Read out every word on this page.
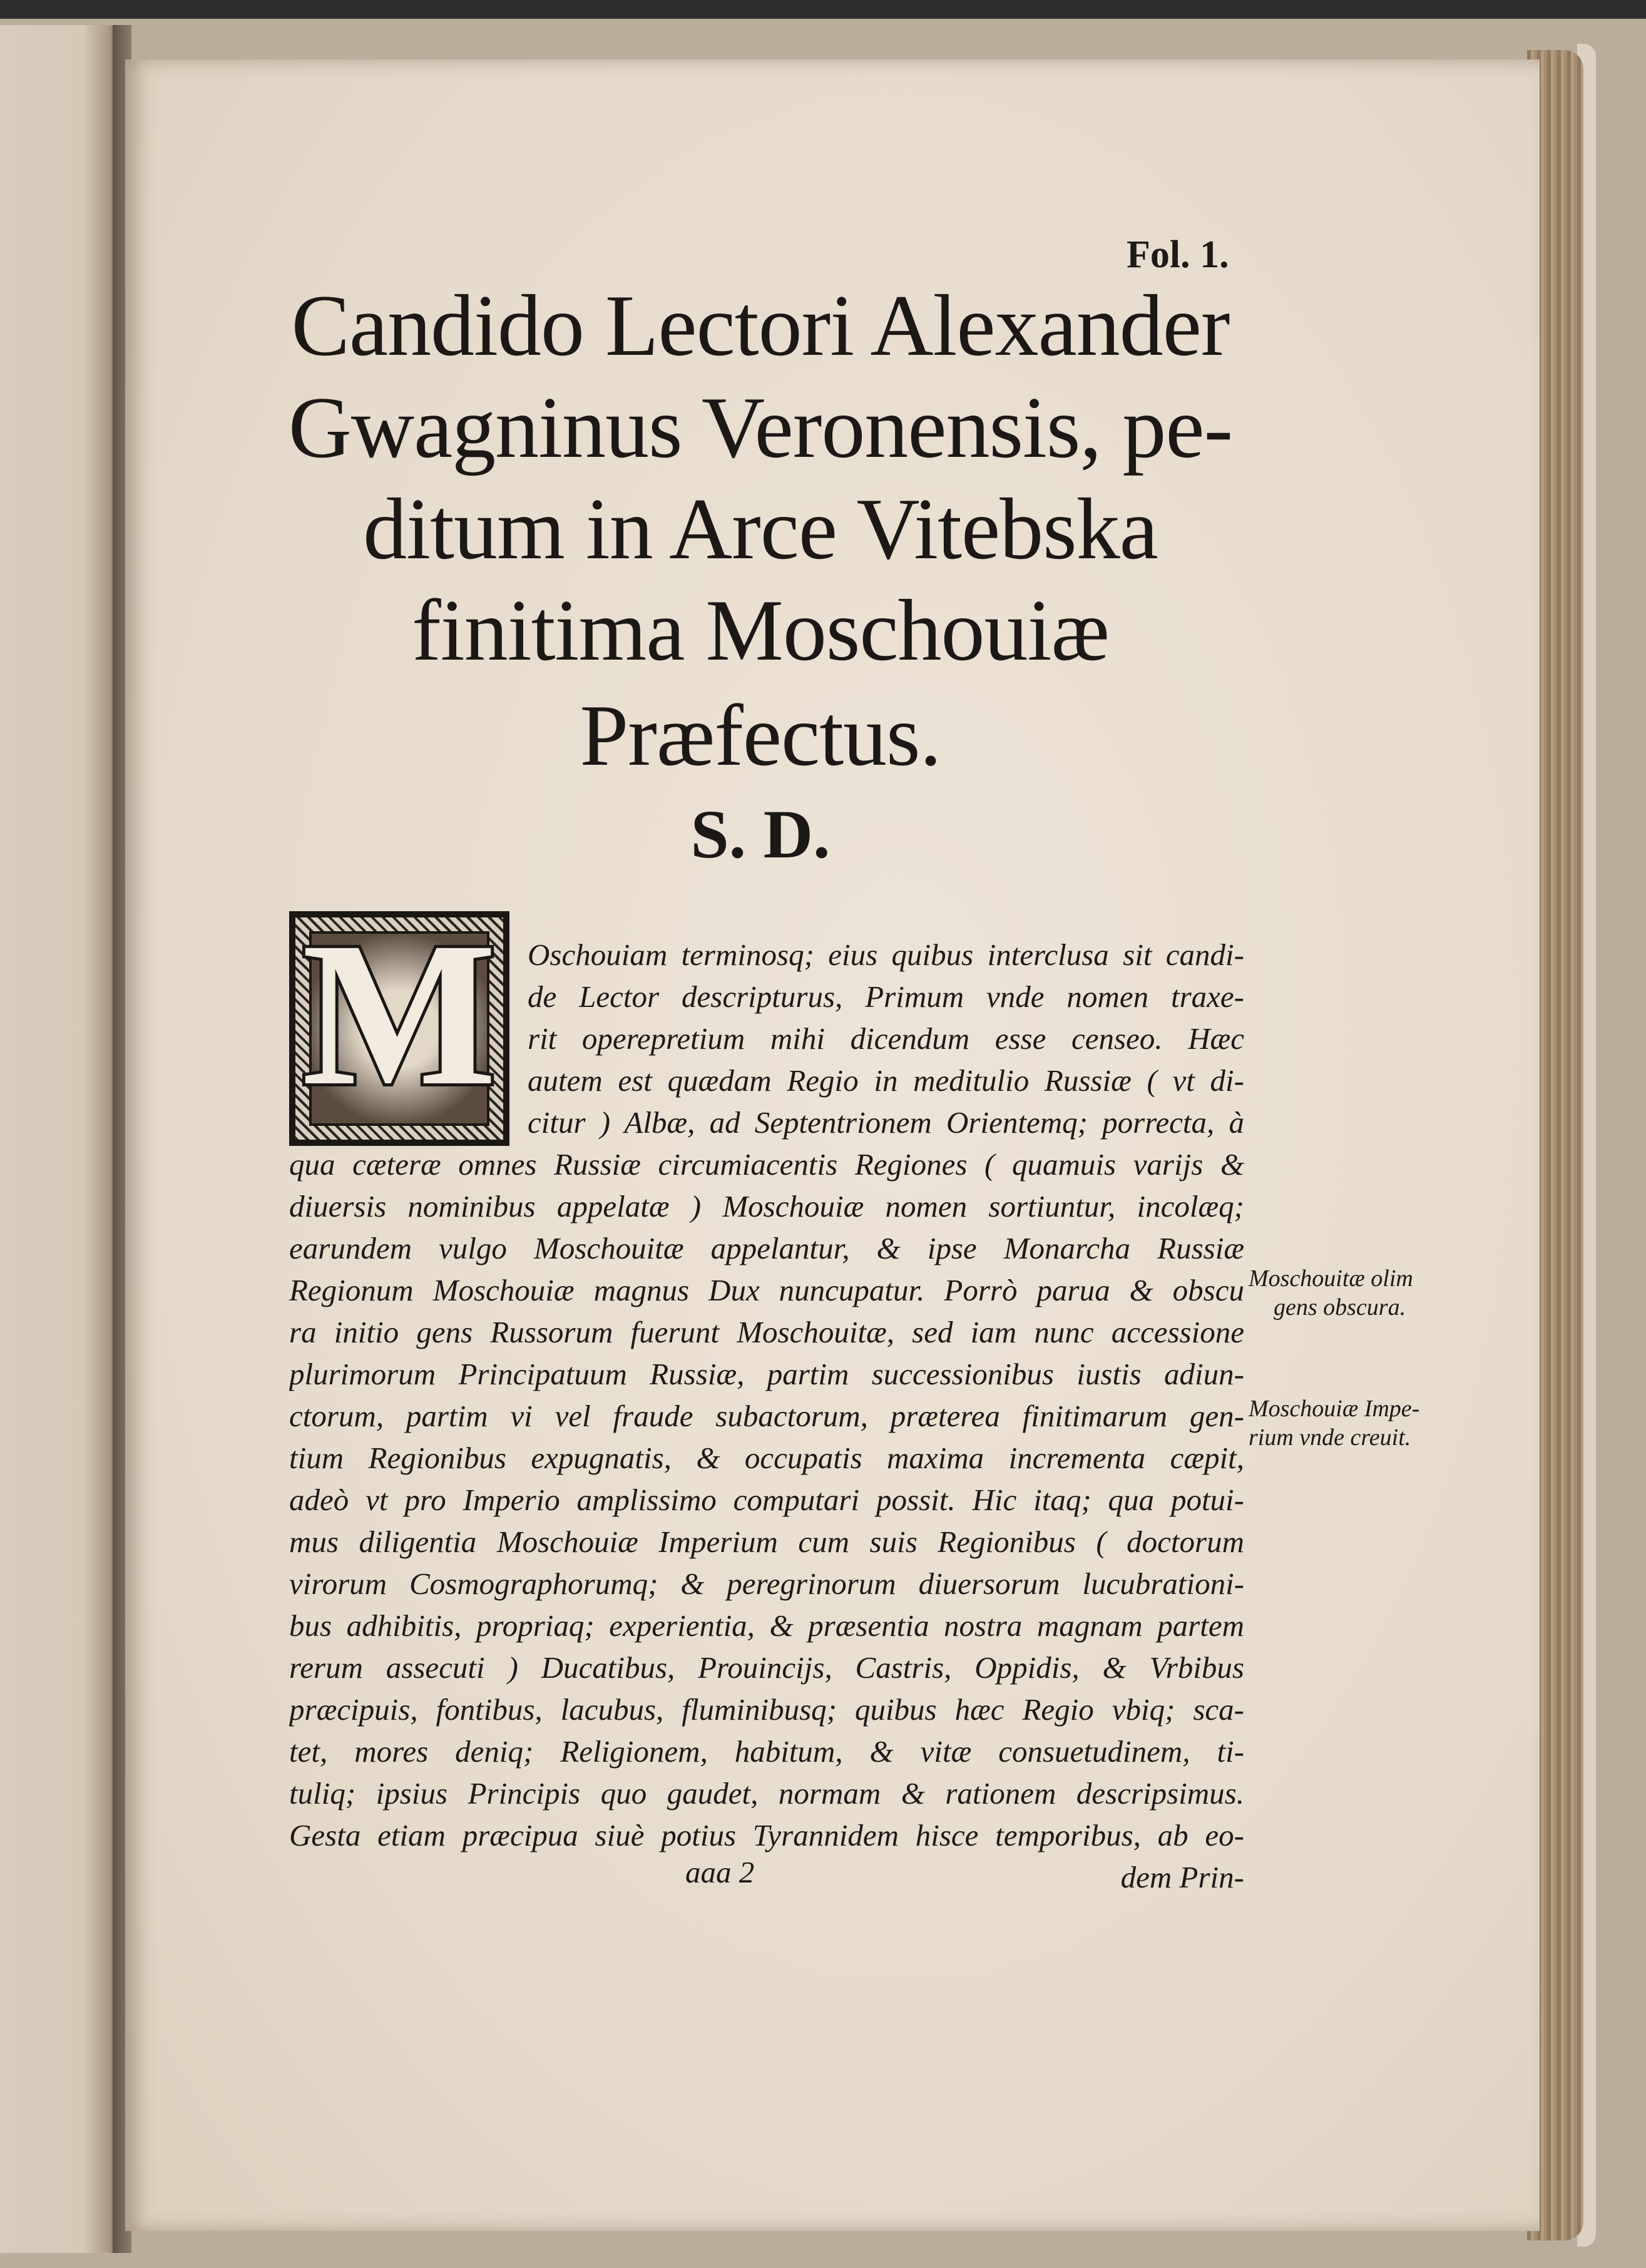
Fol. 1.
Candido Lectori Alexander
Gwagninus Veronensis, pe-
ditum in Arce Vitebska
finitima Moschouiæ
Præfectus.
S. D.
M Oschouiam terminosq; eius quibus interclusa sit candi-
de Lector descripturus, Primum vnde nomen traxe-
rit operepretium mihi dicendum esse censeo. Hæc
autem est quædam Regio in meditulio Russiæ ( vt di-
citur ) Albæ, ad Septentrionem Orientemq; porrecta, à
qua cæteræ omnes Russiæ circumiacentis Regiones ( quamuis varijs &
diuersis nominibus appelatæ ) Moschouiæ nomen sortiuntur, incolæq;
earundem vulgo Moschouitæ appelantur, & ipse Monarcha Russiæ
Regionum Moschouiæ magnus Dux nuncupatur. Porrò parua & obscu
ra initio gens Russorum fuerunt Moschouitæ, sed iam nunc accessione
plurimorum Principatuum Russiæ, partim successionibus iustis adiun-
ctorum, partim vi vel fraude subactorum, præterea finitimarum gen-
tium Regionibus expugnatis, & occupatis maxima incrementa cæpit,
adeò vt pro Imperio amplissimo computari possit. Hic itaq; qua potui-
mus diligentia Moschouiæ Imperium cum suis Regionibus ( doctorum
virorum Cosmographorumq; & peregrinorum diuersorum lucubrationi-
bus adhibitis, propriaq; experientia, & præsentia nostra magnam partem
rerum assecuti ) Ducatibus, Prouincijs, Castris, Oppidis, & Vrbibus
præcipuis, fontibus, lacubus, fluminibusq; quibus hæc Regio vbiq; sca-
tet, mores deniq; Religionem, habitum, & vitæ consuetudinem, ti-
tuliq; ipsius Principis quo gaudet, normam & rationem descripsimus.
Gesta etiam præcipua siuè potius Tyrannidem hisce temporibus, ab eo-
dem Prin-
aaa 2
Moschouitæ olim
gens obscura.
Moschouiæ Impe-
rium vnde creuit.
